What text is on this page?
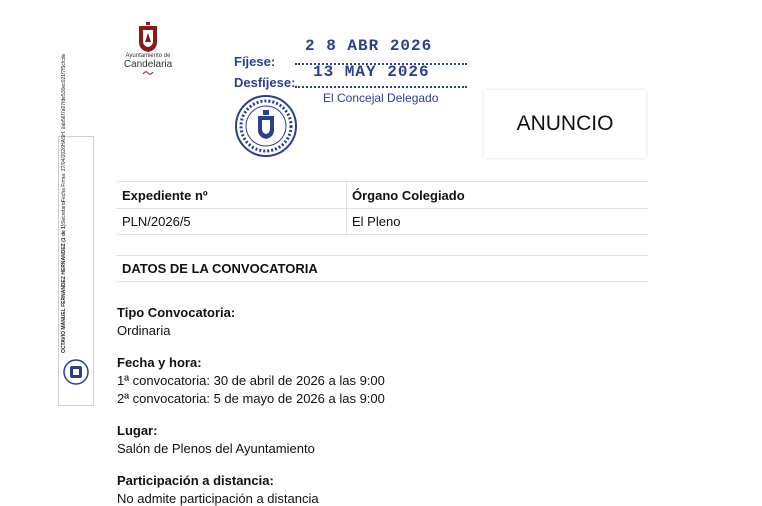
Ayuntamiento de
Candelaria	Fíjese:
2 8 ABR 2026
Desfíjese:
13 MAY 2026
El Concejal Delegado
ANUNCIO
OCTAVIO MANUEL FERNANDEZ HERNANDEZ (1 de 1)
Secretario
Fecha Firma: 27/04/2026
HASH: 0ab56f7a07fde530ec021f7f5cfcde
Expediente nº	Órgano Colegiado
PLN/2026/5	El Pleno
DATOS DE LA CONVOCATORIA
Tipo Convocatoria:
Ordinaria
Fecha y hora:
1ª convocatoria: 30 de abril de 2026 a las 9:00
2ª convocatoria: 5 de mayo de 2026 a las 9:00
Lugar:
Salón de Plenos del Ayuntamiento
Participación a distancia:
No admite participación a distancia
